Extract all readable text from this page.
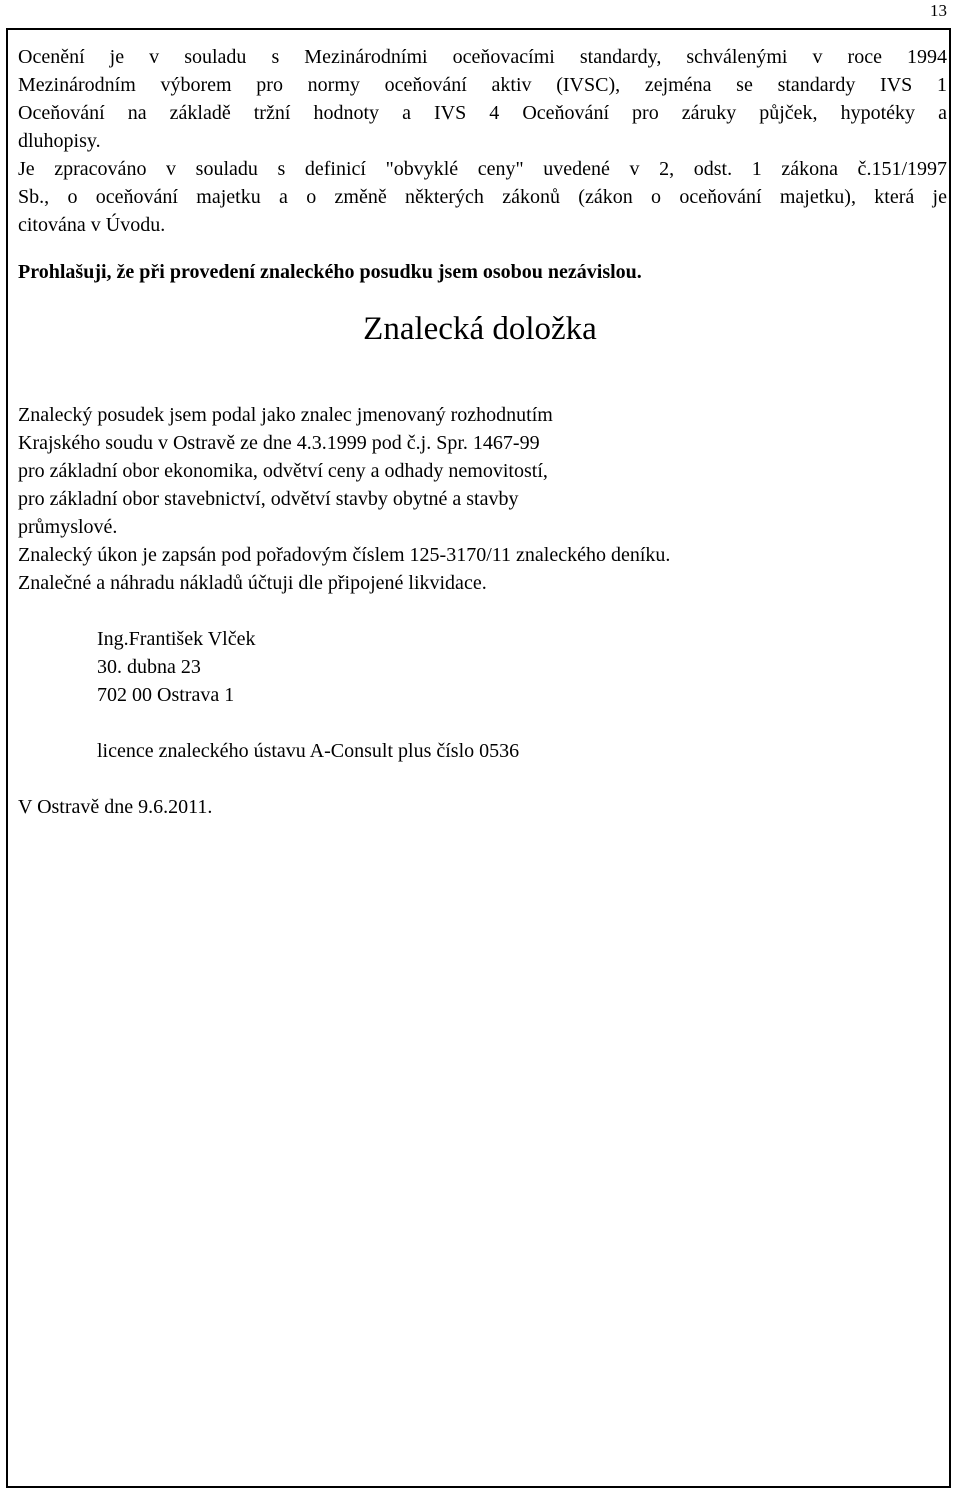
13
Ocenění je v souladu s Mezinárodními oceňovacími standardy, schválenými v roce 1994
Mezinárodním výborem pro normy oceňování aktiv (IVSC), zejména se standardy IVS 1
Oceňování na základě tržní hodnoty a IVS 4 Oceňování pro záruky půjček, hypotéky a
dluhopisy.
Je zpracováno v souladu s definicí "obvyklé ceny" uvedené v 2, odst. 1 zákona č.151/1997
Sb., o oceňování majetku a o změně některých zákonů (zákon o oceňování majetku), která je
citována v Úvodu.
Prohlašuji, že při provedení znaleckého posudku jsem osobou nezávislou.
Znalecká doložka
Znalecký posudek jsem podal jako znalec jmenovaný rozhodnutím
Krajského soudu v Ostravě ze dne 4.3.1999 pod č.j. Spr. 1467-99
pro základní obor ekonomika, odvětví ceny a odhady nemovitostí,
pro základní obor stavebnictví, odvětví stavby obytné a stavby
průmyslové.
Znalecký úkon je zapsán pod pořadovým číslem 125-3170/11 znaleckého deníku.
Znalečné a náhradu nákladů účtuji dle připojené likvidace.
Ing.František Vlček
30. dubna 23
702 00 Ostrava 1
licence znaleckého ústavu A-Consult plus číslo 0536
V Ostravě dne 9.6.2011.
